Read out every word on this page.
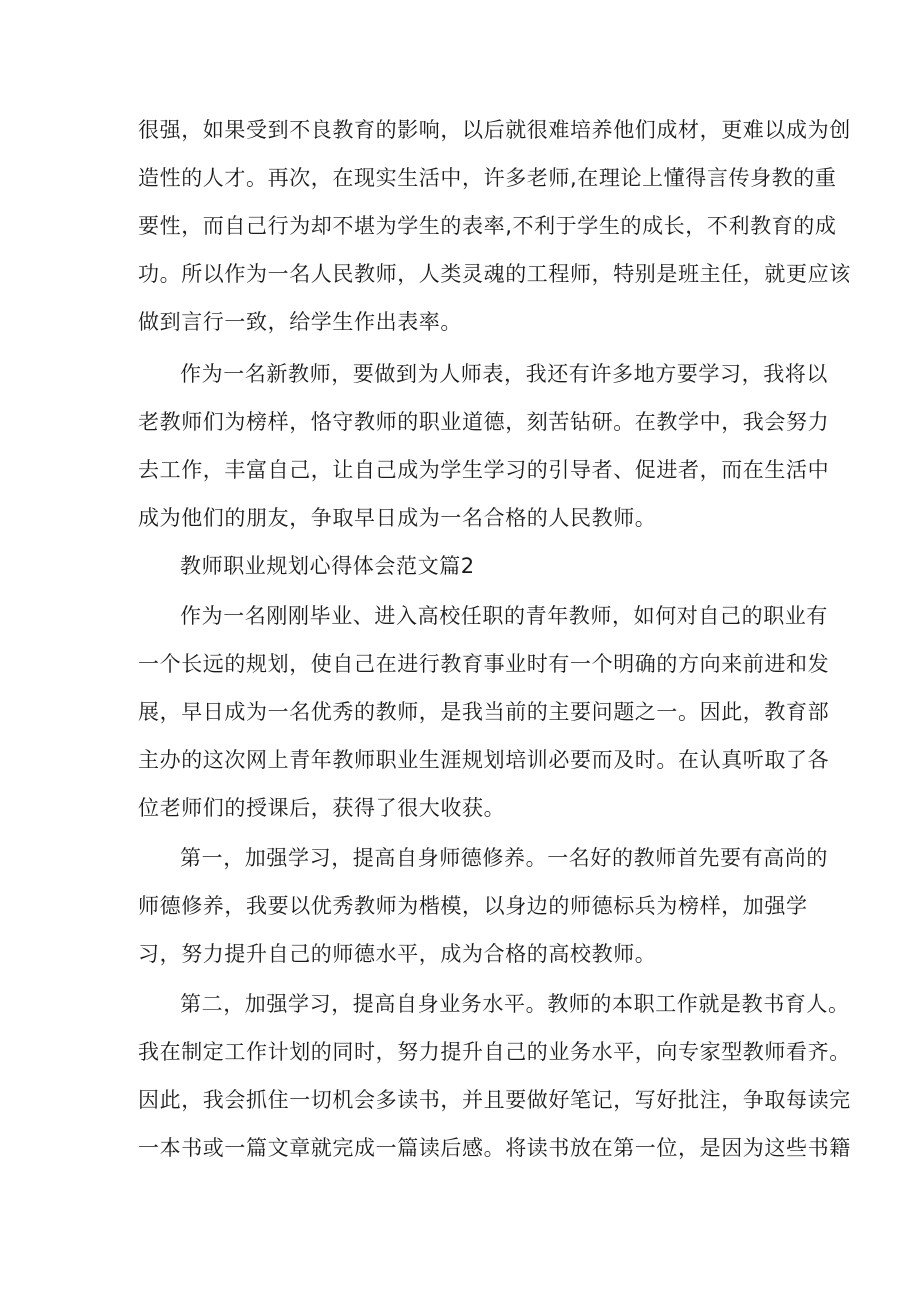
很强，如果受到不良教育的影响，以后就很难培养他们成材，更难以成为创
造性的人才。再次，在现实生活中，许多老师,在理论上懂得言传身教的重
要性，而自己行为却不堪为学生的表率,不利于学生的成长，不利教育的成
功。所以作为一名人民教师，人类灵魂的工程师，特别是班主任，就更应该
做到言行一致，给学生作出表率。
作为一名新教师，要做到为人师表，我还有许多地方要学习，我将以
老教师们为榜样，恪守教师的职业道德，刻苦钻研。在教学中，我会努力
去工作，丰富自己，让自己成为学生学习的引导者、促进者，而在生活中
成为他们的朋友，争取早日成为一名合格的人民教师。
教师职业规划心得体会范文篇2
作为一名刚刚毕业、进入高校任职的青年教师，如何对自己的职业有
一个长远的规划，使自己在进行教育事业时有一个明确的方向来前进和发
展，早日成为一名优秀的教师，是我当前的主要问题之一。因此，教育部
主办的这次网上青年教师职业生涯规划培训必要而及时。在认真听取了各
位老师们的授课后，获得了很大收获。
第一，加强学习，提高自身师德修养。一名好的教师首先要有高尚的
师德修养，我要以优秀教师为楷模，以身边的师德标兵为榜样，加强学
习，努力提升自己的师德水平，成为合格的高校教师。
第二，加强学习，提高自身业务水平。教师的本职工作就是教书育人。
我在制定工作计划的同时，努力提升自己的业务水平，向专家型教师看齐。
因此，我会抓住一切机会多读书，并且要做好笔记，写好批注，争取每读完
一本书或一篇文章就完成一篇读后感。将读书放在第一位，是因为这些书籍
